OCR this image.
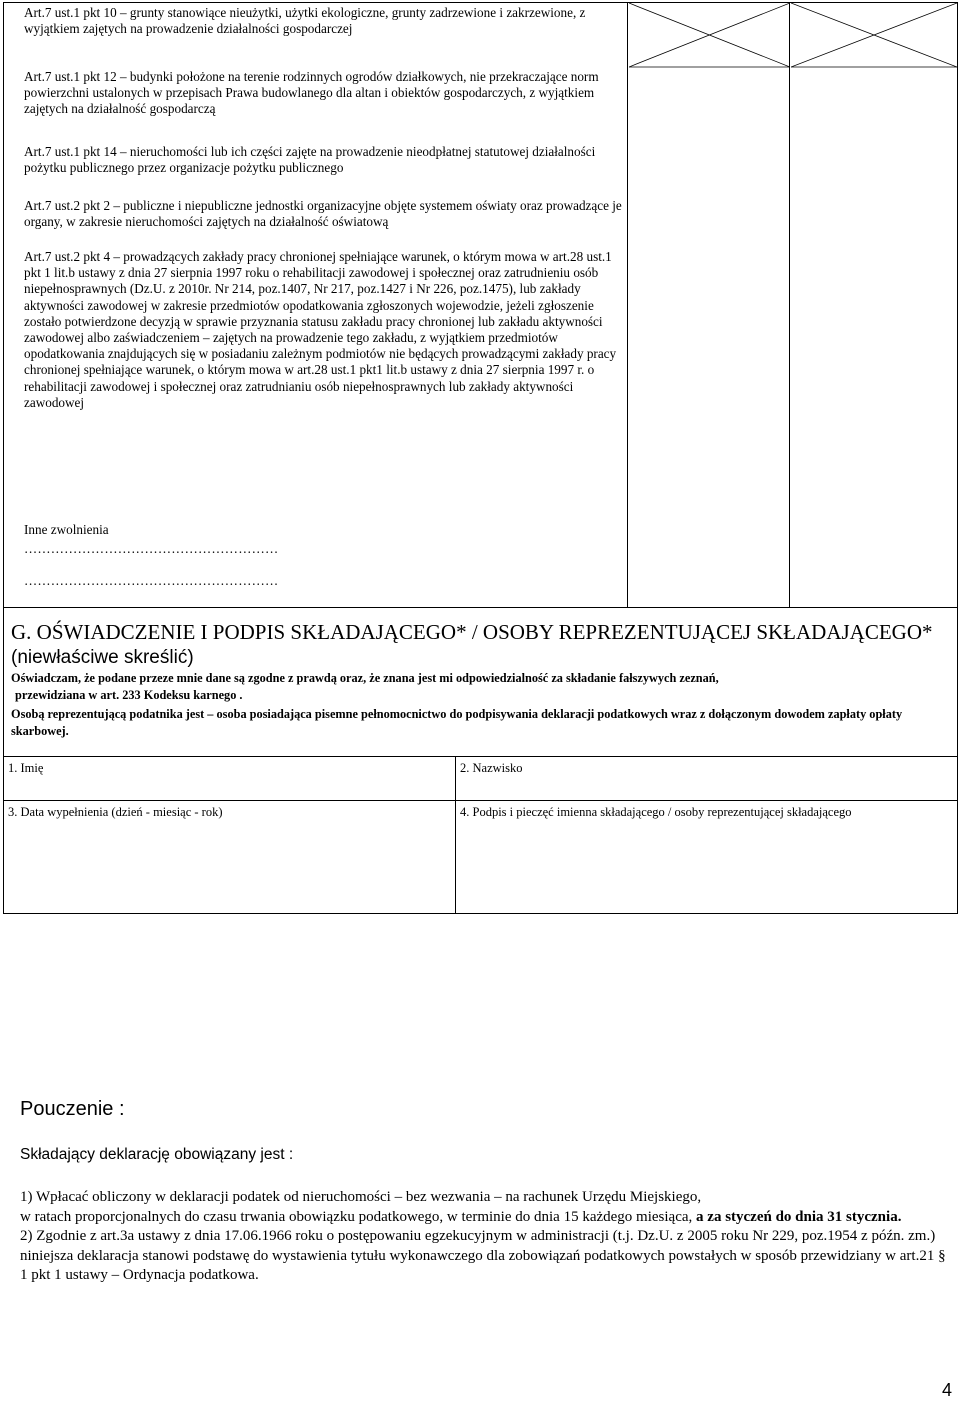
Art.7 ust.1 pkt 10 – grunty stanowiące nieużytki, użytki ekologiczne, grunty zadrzewione i zakrzewione, z wyjątkiem zajętych na prowadzenie działalności gospodarczej
Art.7 ust.1 pkt 12 – budynki położone na terenie rodzinnych ogrodów działkowych, nie przekraczające norm powierzchni ustalonych w przepisach Prawa budowlanego dla altan i obiektów gospodarczych, z wyjątkiem zajętych na działalność gospodarczą
Art.7 ust.1 pkt 14 – nieruchomości lub ich części zajęte na prowadzenie nieodpłatnej statutowej działalności pożytku publicznego przez organizacje pożytku publicznego
Art.7 ust.2 pkt 2 – publiczne i niepubliczne jednostki organizacyjne objęte systemem oświaty oraz prowadzące je organy, w zakresie nieruchomości zajętych na działalność oświatową
Art.7 ust.2 pkt 4 – prowadzących zakłady pracy chronionej spełniające warunek, o którym mowa w art.28 ust.1 pkt 1 lit.b ustawy z dnia 27 sierpnia 1997 roku o rehabilitacji zawodowej i społecznej oraz zatrudnieniu osób niepełnosprawnych (Dz.U. z 2010r. Nr 214, poz.1407, Nr 217, poz.1427 i Nr 226, poz.1475), lub zakłady aktywności zawodowej w zakresie przedmiotów opodatkowania zgłoszonych wojewodzie, jeżeli zgłoszenie zostało potwierdzone decyzją w sprawie przyznania statusu zakładu pracy chronionej lub zakładu aktywności zawodowej albo zaświadczeniem – zajętych na prowadzenie tego zakładu, z wyjątkiem przedmiotów opodatkowania znajdujących się w posiadaniu zależnym podmiotów nie będących prowadzącymi zakłady pracy chronionej spełniające warunek, o którym mowa w art.28 ust.1 pkt1 lit.b ustawy z dnia 27 sierpnia 1997 r. o rehabilitacji zawodowej i społecznej oraz zatrudnianiu osób niepełnosprawnych lub zakłady aktywności zawodowej
Inne zwolnienia
…………………………………………………
…………………………………………………
G. OŚWIADCZENIE I PODPIS SKŁADAJĄCEGO* / OSOBY REPREZENTUJĄCEJ SKŁADAJĄCEGO* (niewłaściwe skreślić)
Oświadczam, że podane przeze mnie dane są zgodne z prawdą oraz, że znana jest mi odpowiedzialność za składanie fałszywych zeznań,
przewidziana w art. 233 Kodeksu karnego .
Osobą reprezentującą podatnika jest – osoba posiadająca pisemne pełnomocnictwo do podpisywania deklaracji podatkowych wraz z dołączonym dowodem zapłaty opłaty skarbowej.
1. Imię	2. Nazwisko
3. Data wypełnienia (dzień - miesiąc - rok)	4. Podpis i pieczęć imienna składającego / osoby reprezentującej składającego
Pouczenie :
Składający deklarację obowiązany jest :
1) Wpłacać obliczony w deklaracji podatek od nieruchomości – bez wezwania – na rachunek Urzędu Miejskiego,
w ratach proporcjonalnych do czasu trwania obowiązku podatkowego, w terminie do dnia 15 każdego miesiąca, a za styczeń do dnia 31 stycznia.
2) Zgodnie z art.3a ustawy z dnia 17.06.1966 roku o postępowaniu egzekucyjnym w administracji (t.j. Dz.U. z 2005 roku Nr 229, poz.1954 z późn. zm.) niniejsza deklaracja stanowi podstawę do wystawienia tytułu wykonawczego dla zobowiązań podatkowych powstałych w sposób przewidziany w art.21 § 1 pkt 1 ustawy – Ordynacja podatkowa.
4
